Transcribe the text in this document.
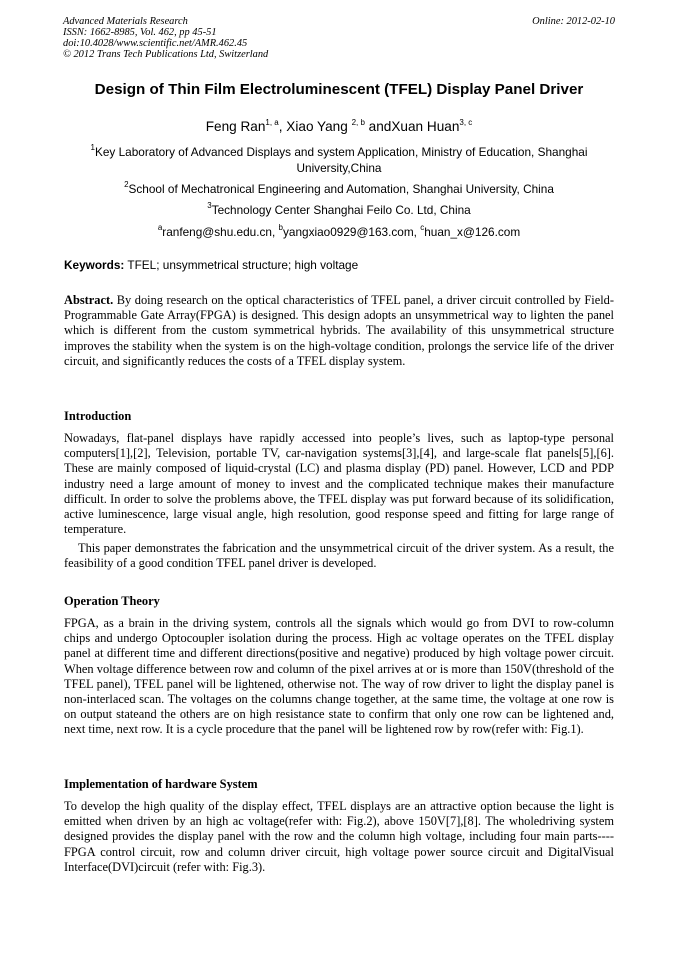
Advanced Materials Research
ISSN: 1662-8985, Vol. 462, pp 45-51
doi:10.4028/www.scientific.net/AMR.462.45
© 2012 Trans Tech Publications Ltd, Switzerland
Online: 2012-02-10
Design of Thin Film Electroluminescent (TFEL) Display Panel Driver
Feng Ran$^{1, a}$, Xiao Yang $^{2, b}$ andXuan Huan$^{3, c}$
$^1$Key Laboratory of Advanced Displays and system Application, Ministry of Education, Shanghai University,China
$^2$School of Mechatronical Engineering and Automation, Shanghai University, China
$^3$Technology Center Shanghai Feilo Co. Ltd, China
$^a$ranfeng@shu.edu.cn, $^b$yangxiao0929@163.com, $^c$huan_x@126.com
Keywords: TFEL; unsymmetrical structure; high voltage
Abstract. By doing research on the optical characteristics of TFEL panel, a driver circuit controlled by Field-Programmable Gate Array(FPGA) is designed. This design adopts an unsymmetrical way to lighten the panel which is different from the custom symmetrical hybrids. The availability of this unsymmetrical structure improves the stability when the system is on the high-voltage condition, prolongs the service life of the driver circuit, and significantly reduces the costs of a TFEL display system.
Introduction
Nowadays, flat-panel displays have rapidly accessed into people’s lives, such as laptop-type personal computers[1],[2], Television, portable TV, car-navigation systems[3],[4], and large-scale flat panels[5],[6]. These are mainly composed of liquid-crystal (LC) and plasma display (PD) panel. However, LCD and PDP industry need a large amount of money to invest and the complicated technique makes their manufacture difficult. In order to solve the problems above, the TFEL display was put forward because of its solidification, active luminescence, large visual angle, high resolution, good response speed and fitting for large range of temperature.
This paper demonstrates the fabrication and the unsymmetrical circuit of the driver system. As a result, the feasibility of a good condition TFEL panel driver is developed.
Operation Theory
FPGA, as a brain in the driving system, controls all the signals which would go from DVI to row-column chips and undergo Optocoupler isolation during the process. High ac voltage operates on the TFEL display panel at different time and different directions(positive and negative) produced by high voltage power circuit. When voltage difference between row and column of the pixel arrives at or is more than 150V(threshold of the TFEL panel), TFEL panel will be lightened, otherwise not. The way of row driver to light the display panel is non-interlaced scan. The voltages on the columns change together, at the same time, the voltage at one row is on output stateand the others are on high resistance state to confirm that only one row can be lightened and, next time, next row. It is a cycle procedure that the panel will be lightened row by row(refer with: Fig.1).
Implementation of hardware System
To develop the high quality of the display effect, TFEL displays are an attractive option because the light is emitted when driven by an high ac voltage(refer with: Fig.2), above 150V[7],[8]. The wholedriving system designed provides the display panel with the row and the column high voltage, including four main parts----FPGA control circuit, row and column driver circuit, high voltage power source circuit and DigitalVisual Interface(DVI)circuit (refer with: Fig.3).
